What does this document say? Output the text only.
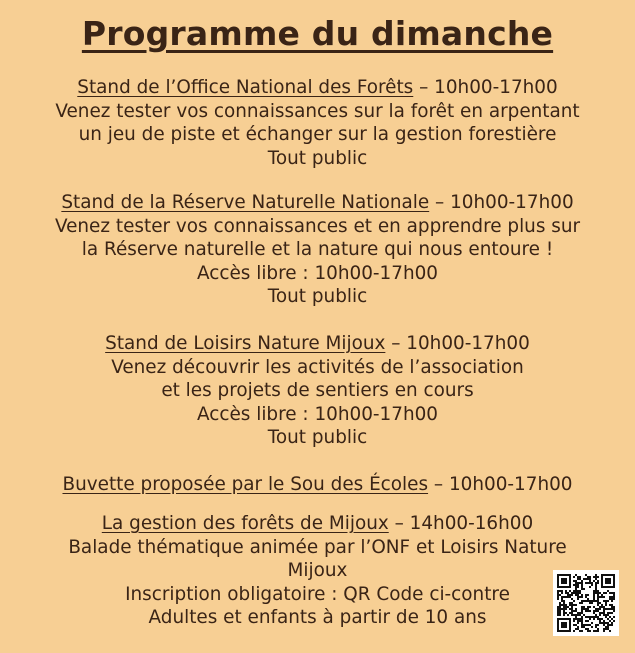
Programme du dimanche

Stand de l’Office National des Forêts – 10h00-17h00

Venez tester vos connaissances sur la forêt en arpentant

un jeu de piste et échanger sur la gestion forestière

Tout public

Stand de la Réserve Naturelle Nationale – 10h00-17h00

Venez tester vos connaissances et en apprendre plus sur

la Réserve naturelle et la nature qui nous entoure !

Accès libre : 10h00-17h00

Tout public

Stand de Loisirs Nature Mijoux – 10h00-17h00

Venez découvrir les activités de l’association

et les projets de sentiers en cours

Accès libre : 10h00-17h00

Tout public

Buvette proposée par le Sou des Écoles – 10h00-17h00

La gestion des forêts de Mijoux – 14h00-16h00

Balade thématique animée par l’ONF et Loisirs Nature

Mijoux

Inscription obligatoire : QR Code ci-contre

Adultes et enfants à partir de 10 ans
